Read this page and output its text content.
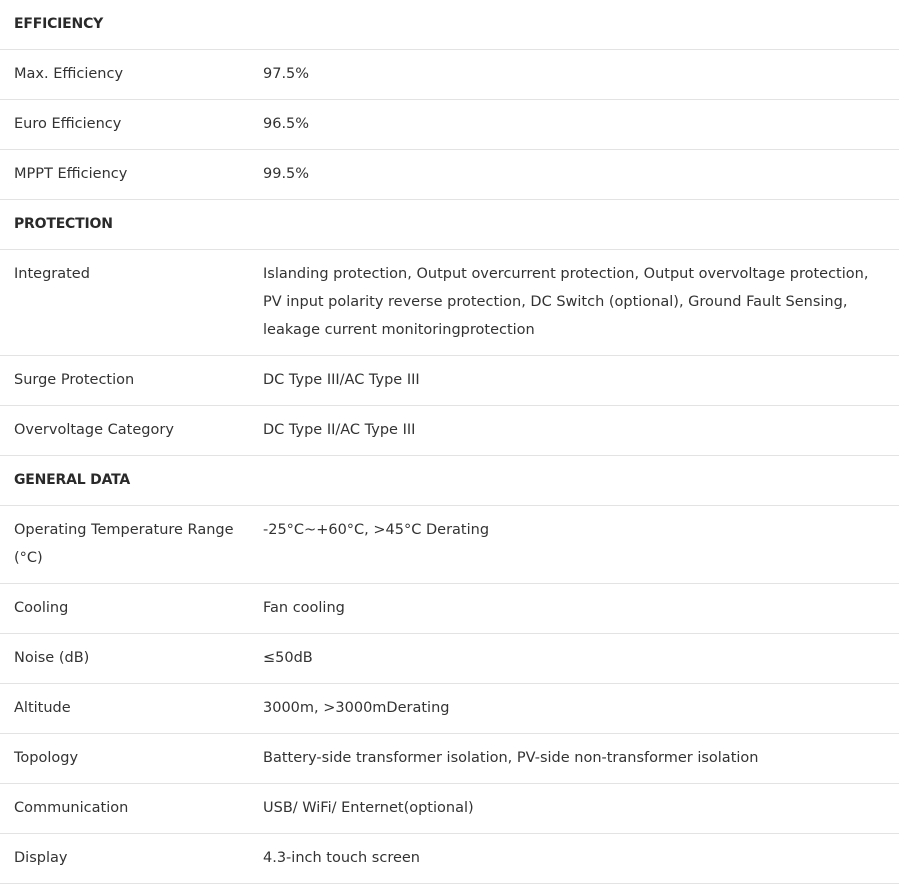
EFFICIENCY	
Max. Efficiency	97.5%
Euro Efficiency	96.5%
MPPT Efficiency	99.5%
PROTECTION	
Integrated	Islanding protection, Output overcurrent protection, Output overvoltage protection, PV input polarity reverse protection, DC Switch (optional), Ground Fault Sensing, leakage current monitoringprotection
Surge Protection	DC Type III/AC Type III
Overvoltage Category	DC Type II/AC Type III
GENERAL DATA	
Operating Temperature Range (°C)	-25°C~+60°C, >45°C Derating
Cooling	Fan cooling
Noise (dB)	≤50dB
Altitude	3000m, >3000mDerating
Topology	Battery-side transformer isolation, PV-side non-transformer isolation
Communication	USB/ WiFi/ Enternet(optional)
Display	4.3-inch touch screen
